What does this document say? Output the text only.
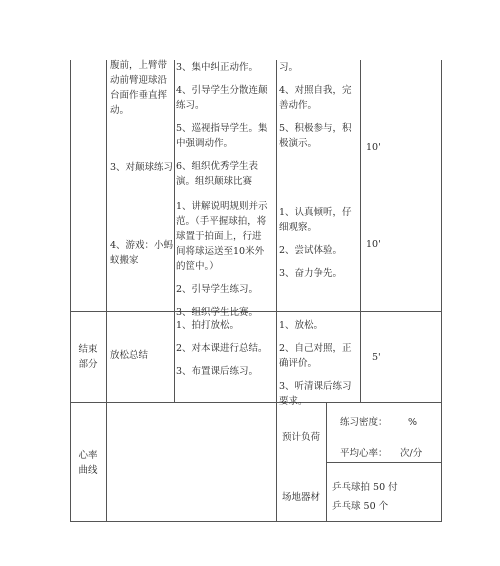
腹前，上臂带动前臂迎球沿台面作垂直挥动。

3、对颠球练习

3、集中纠正动作。

4、引导学生分散连颠练习。

5、巡视指导学生。集中强调动作。

6、组织优秀学生表演。组织颠球比赛

习。

4、对照自我，完善动作。

5、积极参与，积极演示。	10'
4、游戏：小蚂蚁搬家

1、讲解说明规则并示范。（手平握球拍，将球置于拍面上，行进间将球运送至10米外的筐中。）

2、引导学生练习。

3、组织学生比赛。

1、认真倾听，仔细观察。

2、尝试体验。

3、奋力争先。

10'
结束
部分
放松总结

1、拍打放松。

2、对本课进行总结。

3、布置课后练习。

1、放松。

2、自己对照，正确评价。

3、听清课后练习要求。

5'
心率
曲线
预计负荷
练习密度： %
平均心率： 次/分
场地器材
乒乓球拍 50 付
乒乓球 50 个
